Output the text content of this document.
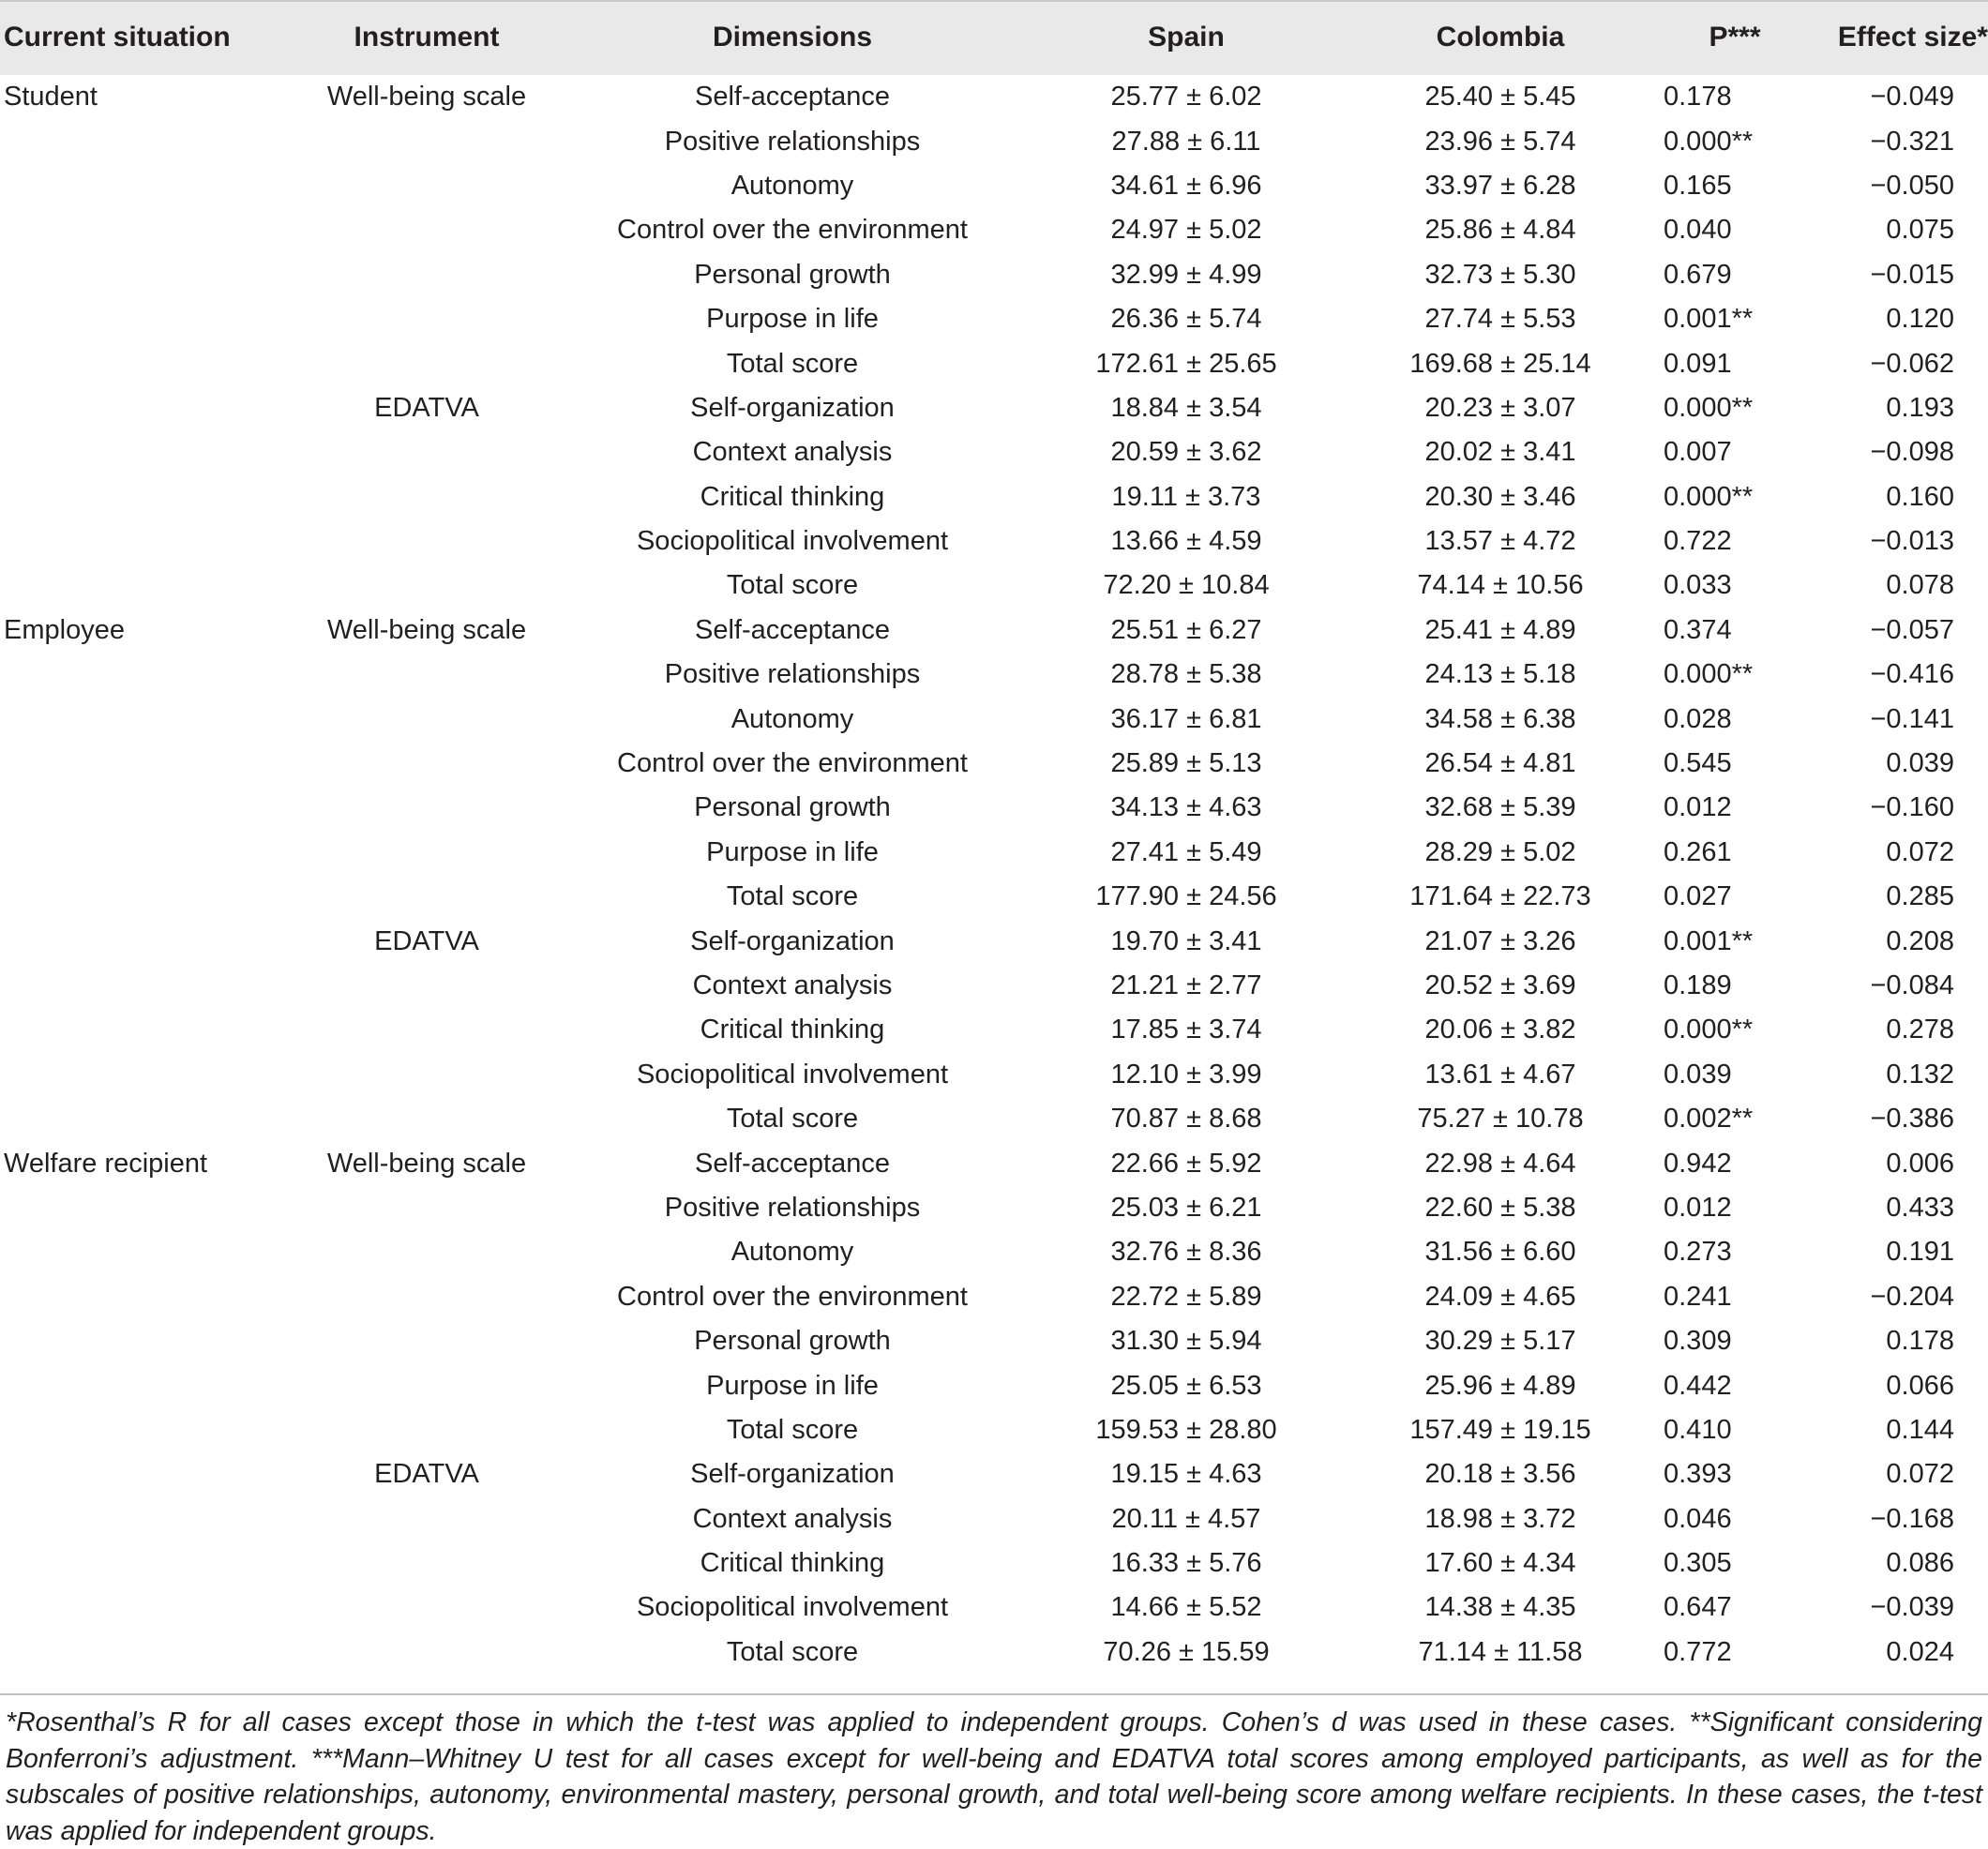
Current situation	Instrument	Dimensions	Spain	Colombia	P***	Effect size*
Student	Well-being scale	Self-acceptance	25.77 ± 6.02	25.40 ± 5.45	0.178	−0.049
		Positive relationships	27.88 ± 6.11	23.96 ± 5.74	0.000**	−0.321
		Autonomy	34.61 ± 6.96	33.97 ± 6.28	0.165	−0.050
		Control over the environment	24.97 ± 5.02	25.86 ± 4.84	0.040	0.075
		Personal growth	32.99 ± 4.99	32.73 ± 5.30	0.679	−0.015
		Purpose in life	26.36 ± 5.74	27.74 ± 5.53	0.001**	0.120
		Total score	172.61 ± 25.65	169.68 ± 25.14	0.091	−0.062
	EDATVA	Self-organization	18.84 ± 3.54	20.23 ± 3.07	0.000**	0.193
		Context analysis	20.59 ± 3.62	20.02 ± 3.41	0.007	−0.098
		Critical thinking	19.11 ± 3.73	20.30 ± 3.46	0.000**	0.160
		Sociopolitical involvement	13.66 ± 4.59	13.57 ± 4.72	0.722	−0.013
		Total score	72.20 ± 10.84	74.14 ± 10.56	0.033	0.078
Employee	Well-being scale	Self-acceptance	25.51 ± 6.27	25.41 ± 4.89	0.374	−0.057
		Positive relationships	28.78 ± 5.38	24.13 ± 5.18	0.000**	−0.416
		Autonomy	36.17 ± 6.81	34.58 ± 6.38	0.028	−0.141
		Control over the environment	25.89 ± 5.13	26.54 ± 4.81	0.545	0.039
		Personal growth	34.13 ± 4.63	32.68 ± 5.39	0.012	−0.160
		Purpose in life	27.41 ± 5.49	28.29 ± 5.02	0.261	0.072
		Total score	177.90 ± 24.56	171.64 ± 22.73	0.027	0.285
	EDATVA	Self-organization	19.70 ± 3.41	21.07 ± 3.26	0.001**	0.208
		Context analysis	21.21 ± 2.77	20.52 ± 3.69	0.189	−0.084
		Critical thinking	17.85 ± 3.74	20.06 ± 3.82	0.000**	0.278
		Sociopolitical involvement	12.10 ± 3.99	13.61 ± 4.67	0.039	0.132
		Total score	70.87 ± 8.68	75.27 ± 10.78	0.002**	−0.386
Welfare recipient	Well-being scale	Self-acceptance	22.66 ± 5.92	22.98 ± 4.64	0.942	0.006
		Positive relationships	25.03 ± 6.21	22.60 ± 5.38	0.012	0.433
		Autonomy	32.76 ± 8.36	31.56 ± 6.60	0.273	0.191
		Control over the environment	22.72 ± 5.89	24.09 ± 4.65	0.241	−0.204
		Personal growth	31.30 ± 5.94	30.29 ± 5.17	0.309	0.178
		Purpose in life	25.05 ± 6.53	25.96 ± 4.89	0.442	0.066
		Total score	159.53 ± 28.80	157.49 ± 19.15	0.410	0.144
	EDATVA	Self-organization	19.15 ± 4.63	20.18 ± 3.56	0.393	0.072
		Context analysis	20.11 ± 4.57	18.98 ± 3.72	0.046	−0.168
		Critical thinking	16.33 ± 5.76	17.60 ± 4.34	0.305	0.086
		Sociopolitical involvement	14.66 ± 5.52	14.38 ± 4.35	0.647	−0.039
		Total score	70.26 ± 15.59	71.14 ± 11.58	0.772	0.024
*Rosenthal’s R for all cases except those in which the t-test was applied to independent groups. Cohen’s d was used in these cases. **Significant considering Bonferroni’s adjustment. ***Mann–Whitney U test for all cases except for well-being and EDATVA total scores among employed participants, as well as for the subscales of positive relationships, autonomy, environmental mastery, personal growth, and total well-being score among welfare recipients. In these cases, the t-test was applied for independent groups.
